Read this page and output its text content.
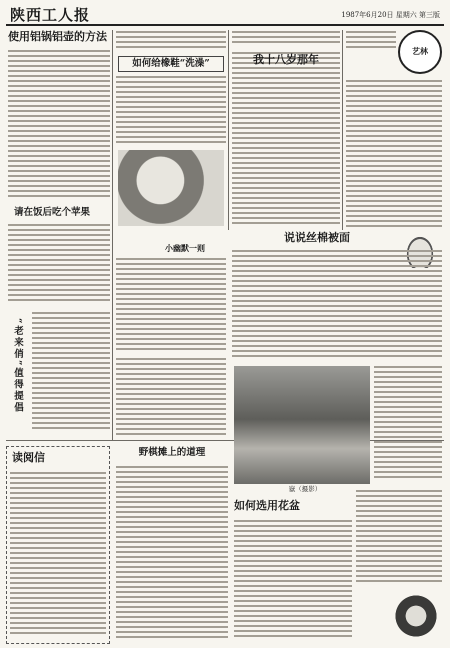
陕西工人报	1987年6月20日 星期六 第三版
使用铝锅铝壶的方法
请在饭后吃个苹果
“老来俏”值得提倡
如何给橡鞋“洗澡”
小幽默一则
我十八岁那年
艺林
说说丝棉被面
嶽（摄影）
读阅信	野棋摊上的道理
如何选用花盆
